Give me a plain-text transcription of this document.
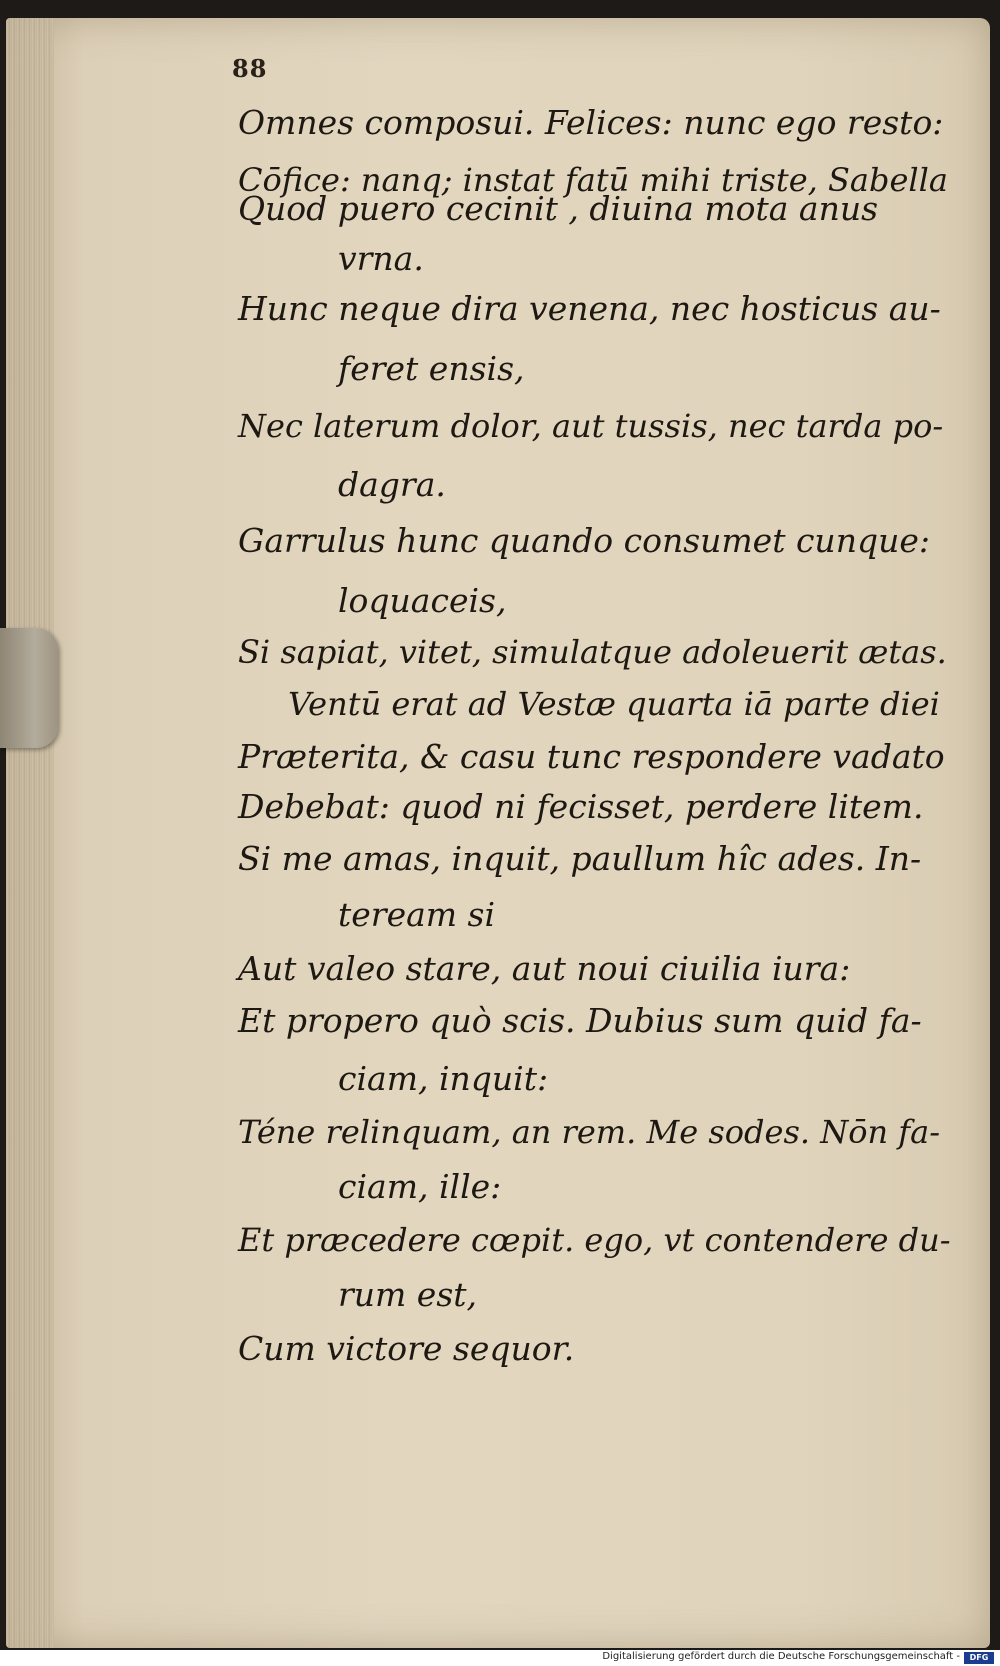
88
Omnes composui. Felices: nunc ego resto:
Cōfice: nanq; instat fatū mihi triste, Sabella
Quod puero cecinit , diuina mota anus
vrna.
Hunc neque dira venena, nec hosticus au-
feret ensis,
Nec laterum dolor, aut tussis, nec tarda po-
dagra.
Garrulus hunc quando consumet cunque:
loquaceis,
Si sapiat, vitet, simulatque adoleuerit ætas.
Ventū erat ad Vestæ quarta iā parte diei
Præterita, & casu tunc respondere vadato
Debebat: quod ni fecisset, perdere litem.
Si me amas, inquit, paullum hîc ades. In-
teream si
Aut valeo stare, aut noui ciuilia iura:
Et propero quò scis. Dubius sum quid fa-
ciam, inquit:
Téne relinquam, an rem. Me sodes. Nōn fa-
ciam, ille:
Et præcedere cœpit. ego, vt contendere du-
rum est,
Cum victore sequor.
Digitalisierung gefördert durch die Deutsche Forschungsgemeinschaft -	DFG
